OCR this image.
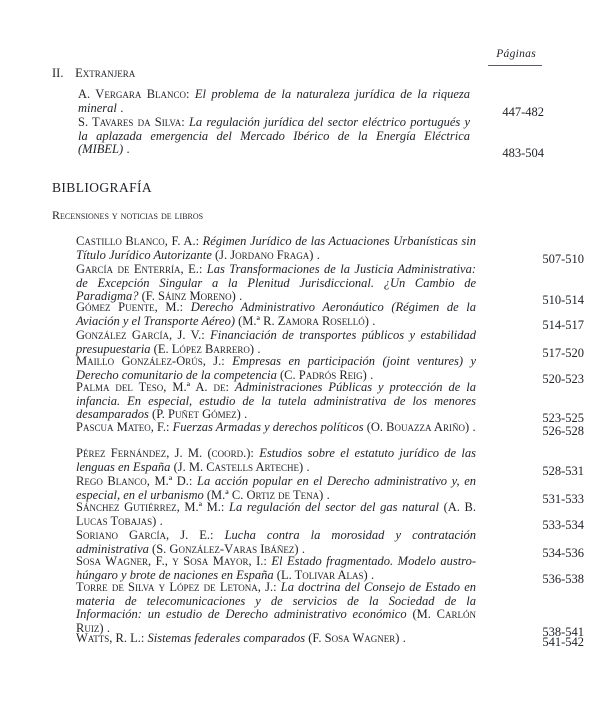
Páginas
II. Extranjera
A. Vergara Blanco: El problema de la naturaleza jurídica de la riqueza mineral .	447-482
S. Tavares da Silva: La regulación jurídica del sector eléctrico portugués y la aplazada emergencia del Mercado Ibérico de la Energía Eléctrica (MIBEL) .	483-504
BIBLIOGRAFÍA
Recensiones y noticias de libros
Castillo Blanco, F. A.: Régimen Jurídico de las Actuaciones Urbanísticas sin Título Jurídico Autorizante (J. Jordano Fraga) .	507-510
García de Enterría, E.: Las Transformaciones de la Justicia Administrativa: de Excepción Singular a la Plenitud Jurisdiccional. ¿Un Cambio de Paradigma? (F. Sáinz Moreno) .	510-514
Gómez Puente, M.: Derecho Administrativo Aeronáutico (Régimen de la Aviación y el Transporte Aéreo) (M.ª R. Zamora Roselló) .	514-517
González García, J. V.: Financiación de transportes públicos y estabilidad presupuestaria (E. López Barrero) .	517-520
Maillo González-Orús, J.: Empresas en participación (joint ventures) y Derecho comunitario de la competencia (C. Padrós Reig) .	520-523
Palma del Teso, M.ª A. de: Administraciones Públicas y protección de la infancia. En especial, estudio de la tutela administrativa de los menores desamparados (P. Puñet Gómez) .	523-525
Pascua Mateo, F.: Fuerzas Armadas y derechos políticos (O. Bouazza Ariño) .	526-528
Pérez Fernández, J. M. (coord.): Estudios sobre el estatuto jurídico de las lenguas en España (J. M. Castells Arteche) .	528-531
Rego Blanco, M.ª D.: La acción popular en el Derecho administrativo y, en especial, en el urbanismo (M.ª C. Ortiz de Tena) .	531-533
Sánchez Gutiérrez, M.ª M.: La regulación del sector del gas natural (A. B. Lucas Tobajas) .	533-534
Soriano García, J. E.: Lucha contra la morosidad y contratación administrativa (S. González-Varas Ibáñez) .	534-536
Sosa Wagner, F., y Sosa Mayor, I.: El Estado fragmentado. Modelo austro-húngaro y brote de naciones en España (L. Tolivar Alas) .	536-538
Torre de Silva y López de Letona, J.: La doctrina del Consejo de Estado en materia de telecomunicaciones y de servicios de la Sociedad de la Información: un estudio de Derecho administrativo económico (M. Carlón Ruiz) .	538-541
Watts, R. L.: Sistemas federales comparados (F. Sosa Wagner) .	541-542
